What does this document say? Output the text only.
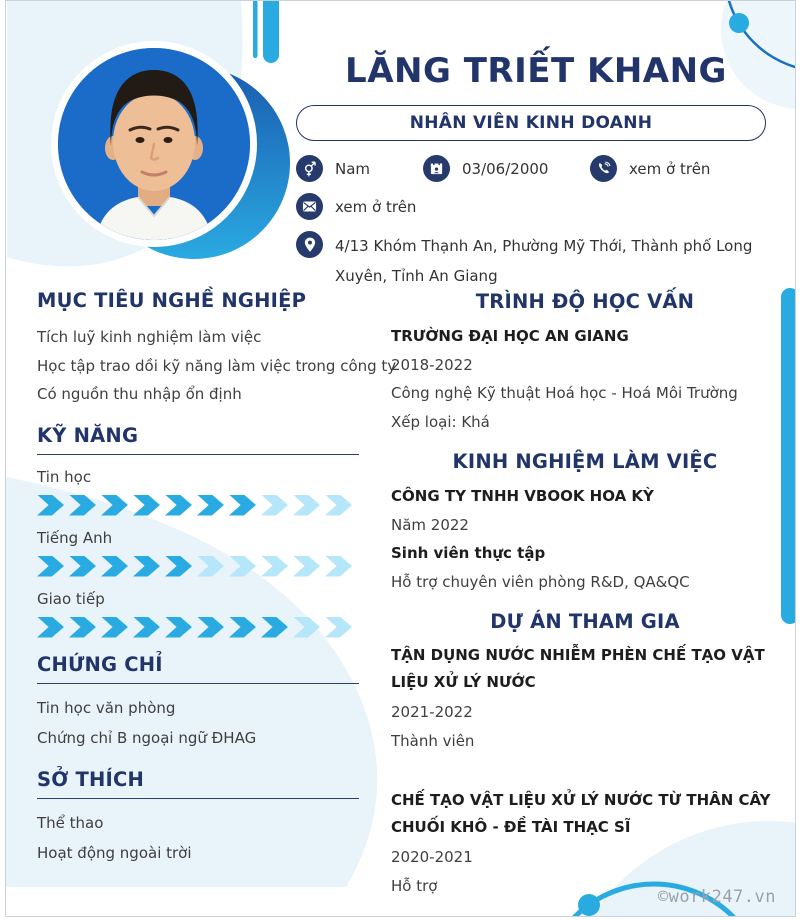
LĂNG TRIẾT KHANG
NHÂN VIÊN KINH DOANH
Nam	03/06/2000	xem ở trên
xem ở trên
4/13 Khóm Thạnh An, Phường Mỹ Thới, Thành phố Long Xuyên, Tỉnh An Giang
MỤC TIÊU NGHỀ NGHIỆP

Tích luỹ kinh nghiệm làm việc

Học tập trao dồi kỹ năng làm việc trong công ty

Có nguồn thu nhập ổn định

KỸ NĂNG

Tin học

Tiếng Anh

Giao tiếp

CHỨNG CHỈ

Tin học văn phòng

Chứng chỉ B ngoại ngữ ĐHAG

SỞ THÍCH

Thể thao

Hoạt động ngoài trời

TRÌNH ĐỘ HỌC VẤN

TRƯỜNG ĐẠI HỌC AN GIANG

2018-2022

Công nghệ Kỹ thuật Hoá học - Hoá Môi Trường

Xếp loại: Khá

KINH NGHIỆM LÀM VIỆC

CÔNG TY TNHH VBOOK HOA KỲ

Năm 2022

Sinh viên thực tập

Hỗ trợ chuyên viên phòng R&D, QA&QC

DỰ ÁN THAM GIA

TẬN DỤNG NƯỚC NHIỄM PHÈN CHẾ TẠO VẬT LIỆU XỬ LÝ NƯỚC

2021-2022

Thành viên

CHẾ TẠO VẬT LIỆU XỬ LÝ NƯỚC TỪ THÂN CÂY CHUỐI KHÔ - ĐỀ TÀI THẠC SĨ

2020-2021

Hỗ trợ

©work247.vn
